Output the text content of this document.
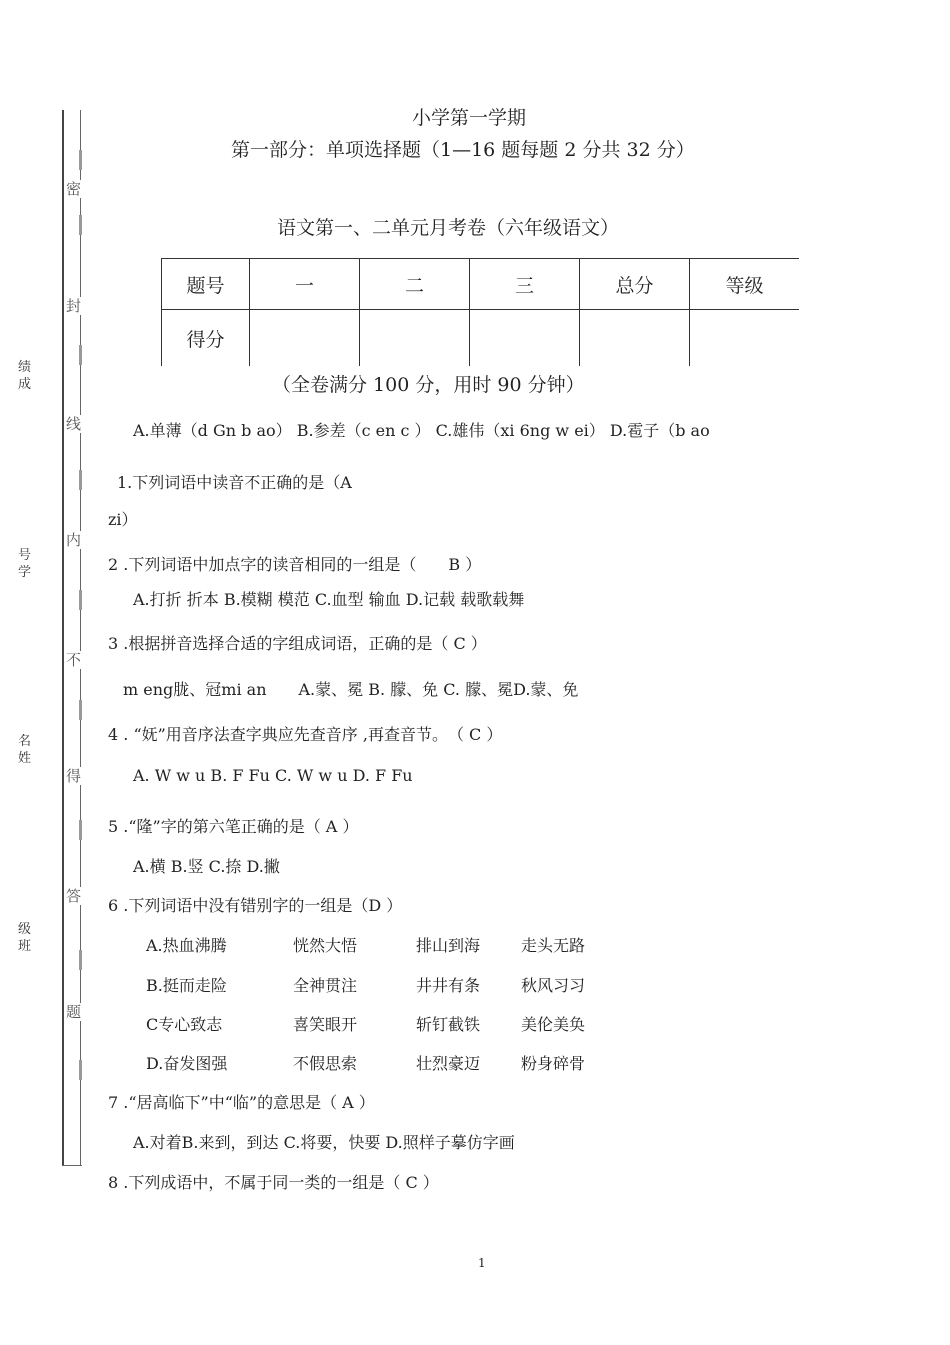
密
封
线
内
不
得
答
题
绩成
号学
名姓
级班
小学第一学期
第一部分：单项选择题（1—16 题每题 2 分共 32 分）
语文第一、二单元月考卷（六年级语文）
题号	一	二	三	总分	等级
得分					
（全卷满分 100 分，用时 90 分钟）
A.单薄（d Gn b ao） B.参差（c en c ） C.雄伟（xi 6ng w ei） D.雹子（b ao
1.下列词语中读音不正确的是（A
zi）
2 .下列词语中加点字的读音相同的一组是（　　B ）
A.打折 折本 B.模糊 模范 C.血型 输血 D.记载 载歌载舞
3 .根据拼音选择合适的字组成词语，正确的是（ C ）
m eng胧、冠mi an　　A.蒙、冕 B. 朦、免 C. 朦、冕D.蒙、免
4 . “妩”用音序法查字典应先查音序 ,再查音节。　（ C ）
A. W w u B. F Fu C. W w u D. F Fu
5 .“隆”字的第六笔正确的是（ A ）
A.横 B.竖 C.捺 D.撇
6 .下列词语中没有错别字的一组是（D ）
A.热血沸腾	恍然大悟	排山到海	走头无路
B.挺而走险	全神贯注	井井有条	秋风习习
C专心致志	喜笑眼开	斩钉截铁	美伦美奂
D.奋发图强	不假思索	壮烈豪迈	粉身碎骨
7 .“居高临下”中“临”的意思是（ A ）
A.对着B.来到，到达 C.将要，快要 D.照样子摹仿字画
8 .下列成语中，不属于同一类的一组是（ C ）
1
